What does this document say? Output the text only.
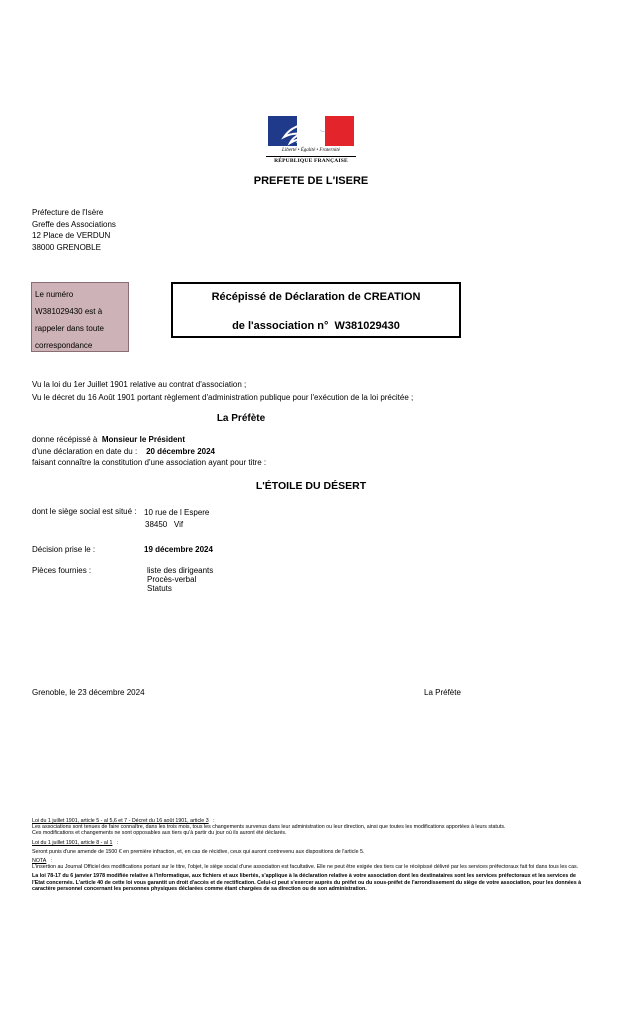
Liberté • Égalité • Fraternité
RÉPUBLIQUE FRANÇAISE
PREFETE DE L'ISERE
Préfecture de l'Isère
Greffe des Associations
12 Place de VERDUN
38000 GRENOBLE
Le numéro
W381029430 est à
rappeler dans toute
correspondance
Récépissé de Déclaration de CREATION
de l'association n° W381029430
Vu la loi du 1er Juillet 1901 relative au contrat d'association ;
Vu le décret du 16 Août 1901 portant règlement d'administration publique pour l'exécution de la loi précitée ;
La Préfète
donne récépissé à Monsieur le Président
d'une déclaration en date du : 20 décembre 2024
faisant connaître la constitution d'une association ayant pour titre :
L'ÉTOILE DU DÉSERT
dont le siège social est situé : 10 rue de l Espere
38450   Vif
Décision prise le :	19 décembre 2024
Pièces fournies :	liste des dirigeants
Procès-verbal
Statuts
Grenoble, le 23 décembre 2024	La Préfète

Loi du 1 juillet 1901, article 5 - al 5,6 et 7 - Décret du 16 août 1901, article 3 :

Les associations sont tenues de faire connaître, dans les trois mois, tous les changements survenus dans leur administration ou leur direction, ainsi que toutes les modifications apportées à leurs statuts.

Ces modifications et changements ne sont opposables aux tiers qu'à partir du jour où ils auront été déclarés.

Loi du 1 juillet 1901, article 8 - al 1 :

Seront punis d'une amende de 1500 € en première infraction, et, en cas de récidive, ceux qui auront contrevenu aux dispositions de l'article 5.

NOTA :

L'insertion au Journal Officiel des modifications portant sur le titre, l'objet, le siège social d'une association est facultative. Elle ne peut être exigée des tiers car le récépissé délivré par les services préfectoraux fait foi dans tous les cas.

La loi 78-17 du 6 janvier 1978 modifiée relative à l'informatique, aux fichiers et aux libertés, s'applique à la déclaration relative à votre association dont les destinataires sont les services préfectoraux et les services de l'Etat concernés. L'article 40 de cette loi vous garantit un droit d'accès et de rectification. Celui-ci peut s'exercer auprès du préfet ou du sous-préfet de l'arrondissement du siège de votre association, pour les données à caractère personnel concernant les personnes physiques déclarées comme étant chargées de sa direction ou de son administration.
